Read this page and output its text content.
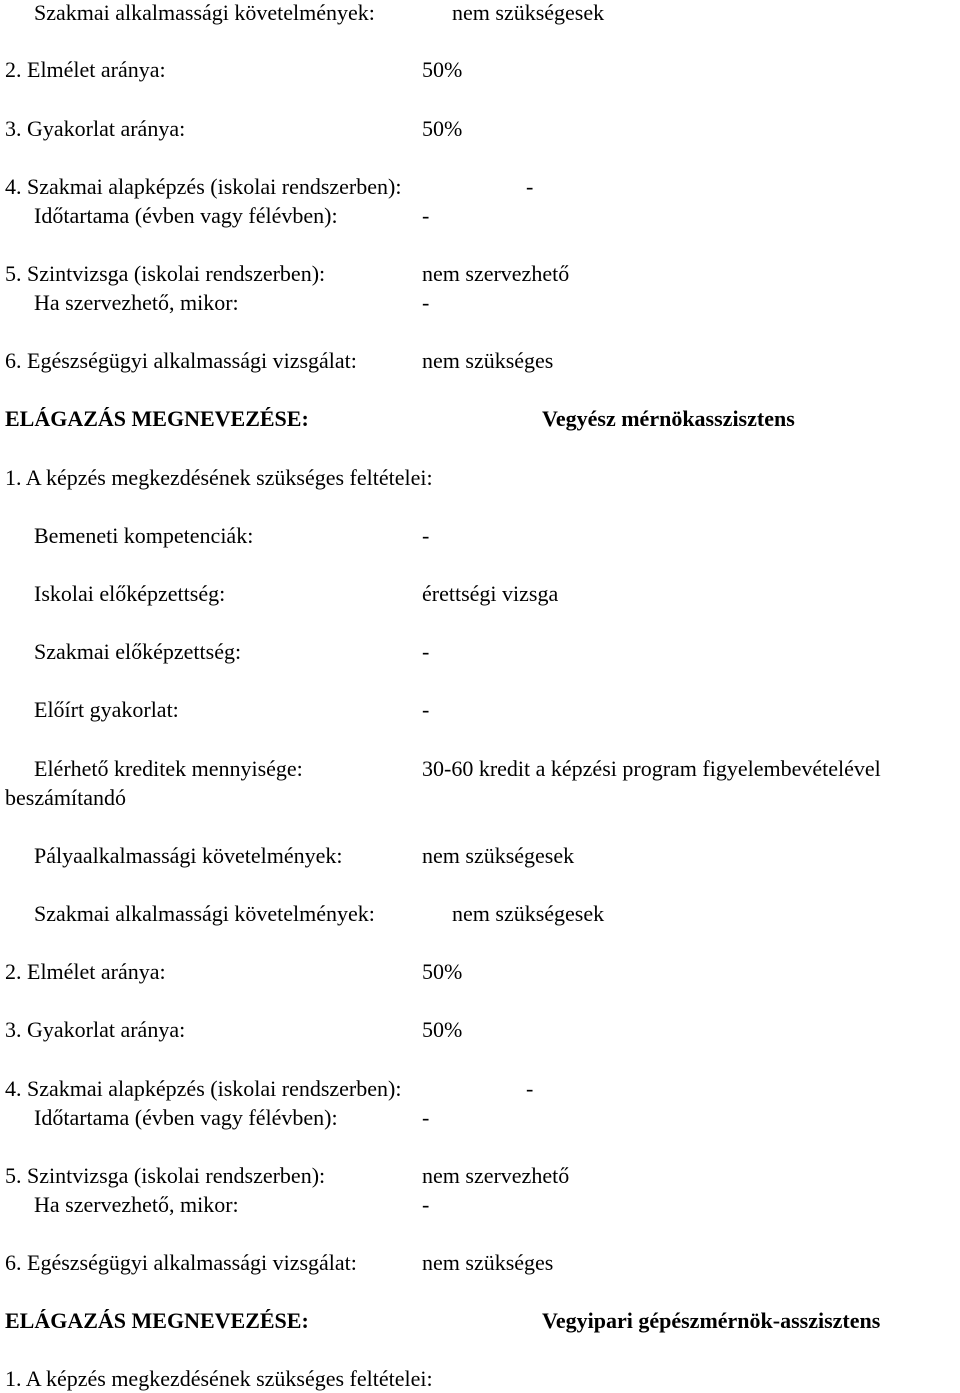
Szakmai alkalmassági követelmények:	nem szükségesek
2. Elmélet aránya:	50%
3. Gyakorlat aránya:	50%
4. Szakmai alapképzés (iskolai rendszerben):	-
Időtartama (évben vagy félévben):	-
5. Szintvizsga (iskolai rendszerben):	nem szervezhető
Ha szervezhető, mikor:	-
6. Egészségügyi alkalmassági vizsgálat:	nem szükséges
ELÁGAZÁS MEGNEVEZÉSE:	Vegyész mérnökasszisztens
1. A képzés megkezdésének szükséges feltételei:
Bemeneti kompetenciák:	-
Iskolai előképzettség:	érettségi vizsga
Szakmai előképzettség:	-
Előírt gyakorlat:	-
Elérhető kreditek mennyisége:	30-60 kredit a képzési program figyelembevételével
beszámítandó
Pályaalkalmassági követelmények:	nem szükségesek
Szakmai alkalmassági követelmények:	nem szükségesek
2. Elmélet aránya:	50%
3. Gyakorlat aránya:	50%
4. Szakmai alapképzés (iskolai rendszerben):	-
Időtartama (évben vagy félévben):	-
5. Szintvizsga (iskolai rendszerben):	nem szervezhető
Ha szervezhető, mikor:	-
6. Egészségügyi alkalmassági vizsgálat:	nem szükséges
ELÁGAZÁS MEGNEVEZÉSE:	Vegyipari gépészmérnök-asszisztens
1. A képzés megkezdésének szükséges feltételei:
